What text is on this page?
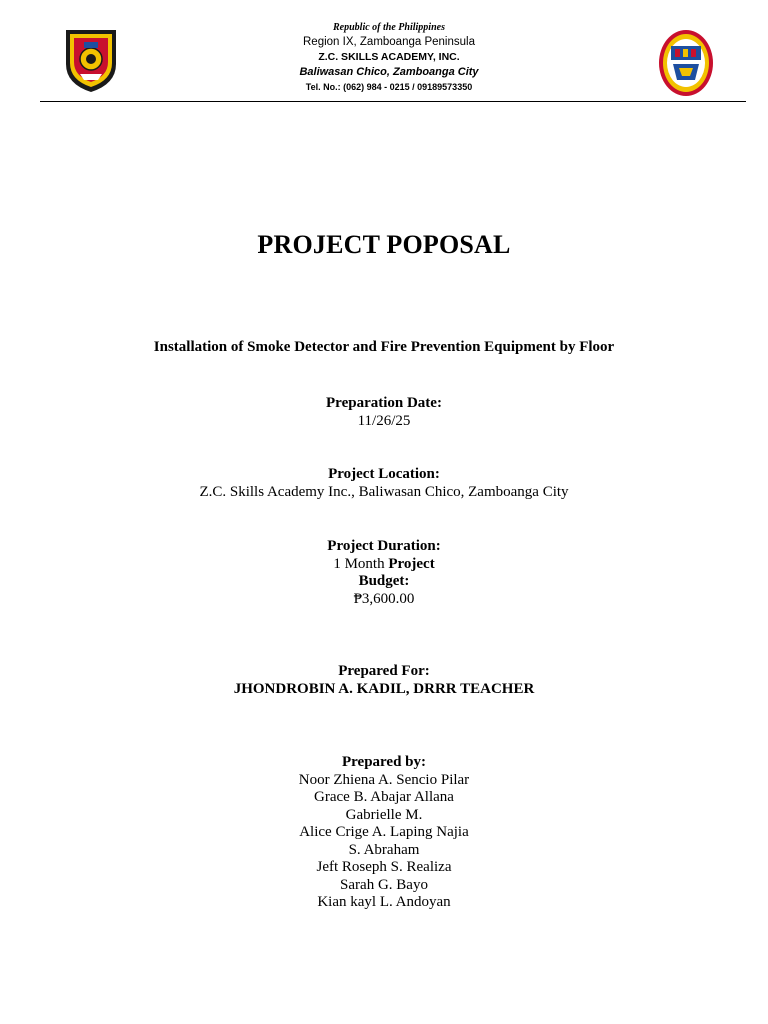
Republic of the Philippines
Region IX, Zamboanga Peninsula
Z.C. SKILLS ACADEMY, INC.
Baliwasan Chico, Zamboanga City
Tel. No.: (062) 984 - 0215 / 09189573350
PROJECT POPOSAL
Installation of Smoke Detector and Fire Prevention Equipment by Floor
Preparation Date:
11/26/25
Project Location:
Z.C. Skills Academy Inc., Baliwasan Chico, Zamboanga City
Project Duration:
1 Month Project
Budget:
₱3,600.00
Prepared For:
JHONDROBIN A. KADIL, DRRR TEACHER
Prepared by:
Noor Zhiena A. Sencio Pilar
Grace B. Abajar Allana
Gabrielle M.
Alice Crige A. Laping Najia
S. Abraham
Jeft Roseph S. Realiza
Sarah G. Bayo
Kian kayl L. Andoyan
